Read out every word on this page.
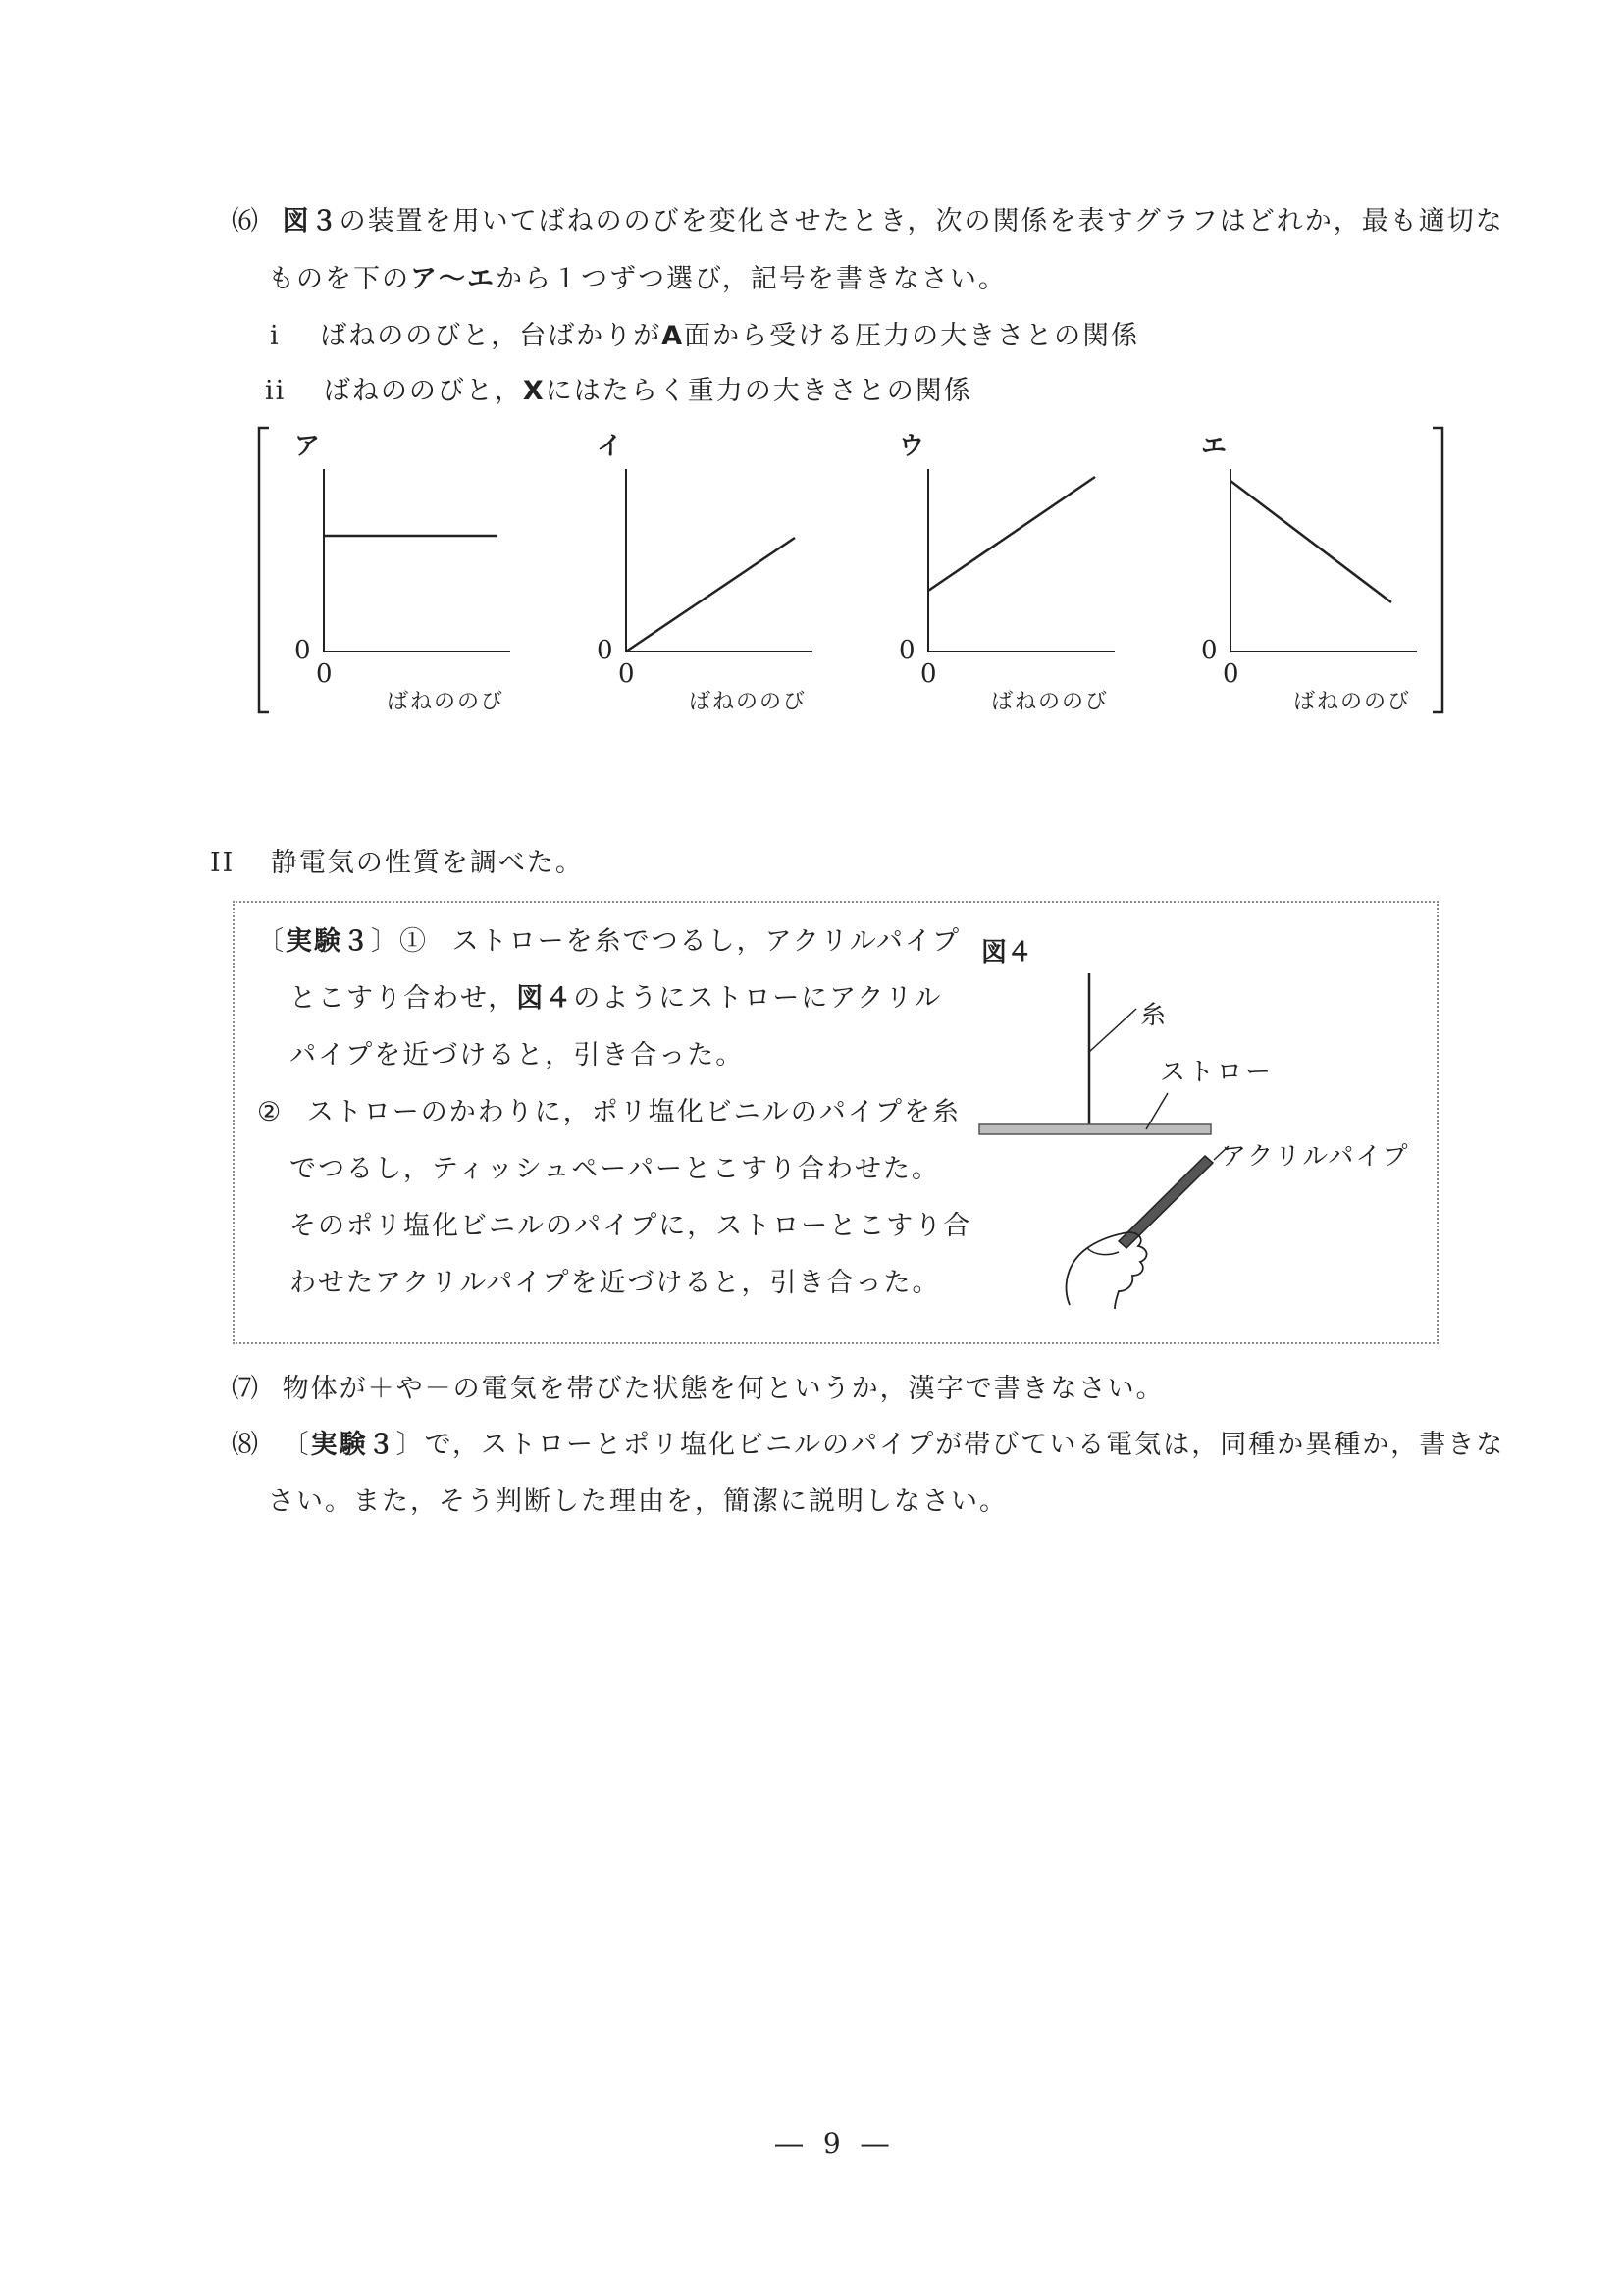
⑹ 図３の装置を用いてばねののびを変化させたとき，次の関係を表すグラフはどれか，最も適切な
ものを下のア～エから１つずつ選び，記号を書きなさい。
i ばねののびと，台ばかりがA面から受ける圧力の大きさとの関係
ii ばねののびと，Xにはたらく重力の大きさとの関係
ア
0
0
ばねののび
イ
0
0
ばねののび
ウ
0
0
ばねののび
エ
0
0
ばねののび
II 静電気の性質を調べた。
〔実験３〕① ストローを糸でつるし，アクリルパイプ
とこすり合わせ，図４のようにストローにアクリル
パイプを近づけると，引き合った。
② ストローのかわりに，ポリ塩化ビニルのパイプを糸
でつるし，ティッシュペーパーとこすり合わせた。
そのポリ塩化ビニルのパイプに，ストローとこすり合
わせたアクリルパイプを近づけると，引き合った。
図４
糸
ストロー
アクリルパイプ
⑺ 物体が＋や－の電気を帯びた状態を何というか，漢字で書きなさい。
⑻ 〔実験３〕で，ストローとポリ塩化ビニルのパイプが帯びている電気は，同種か異種か，書きな
さい。また，そう判断した理由を，簡潔に説明しなさい。
― 9 ―
